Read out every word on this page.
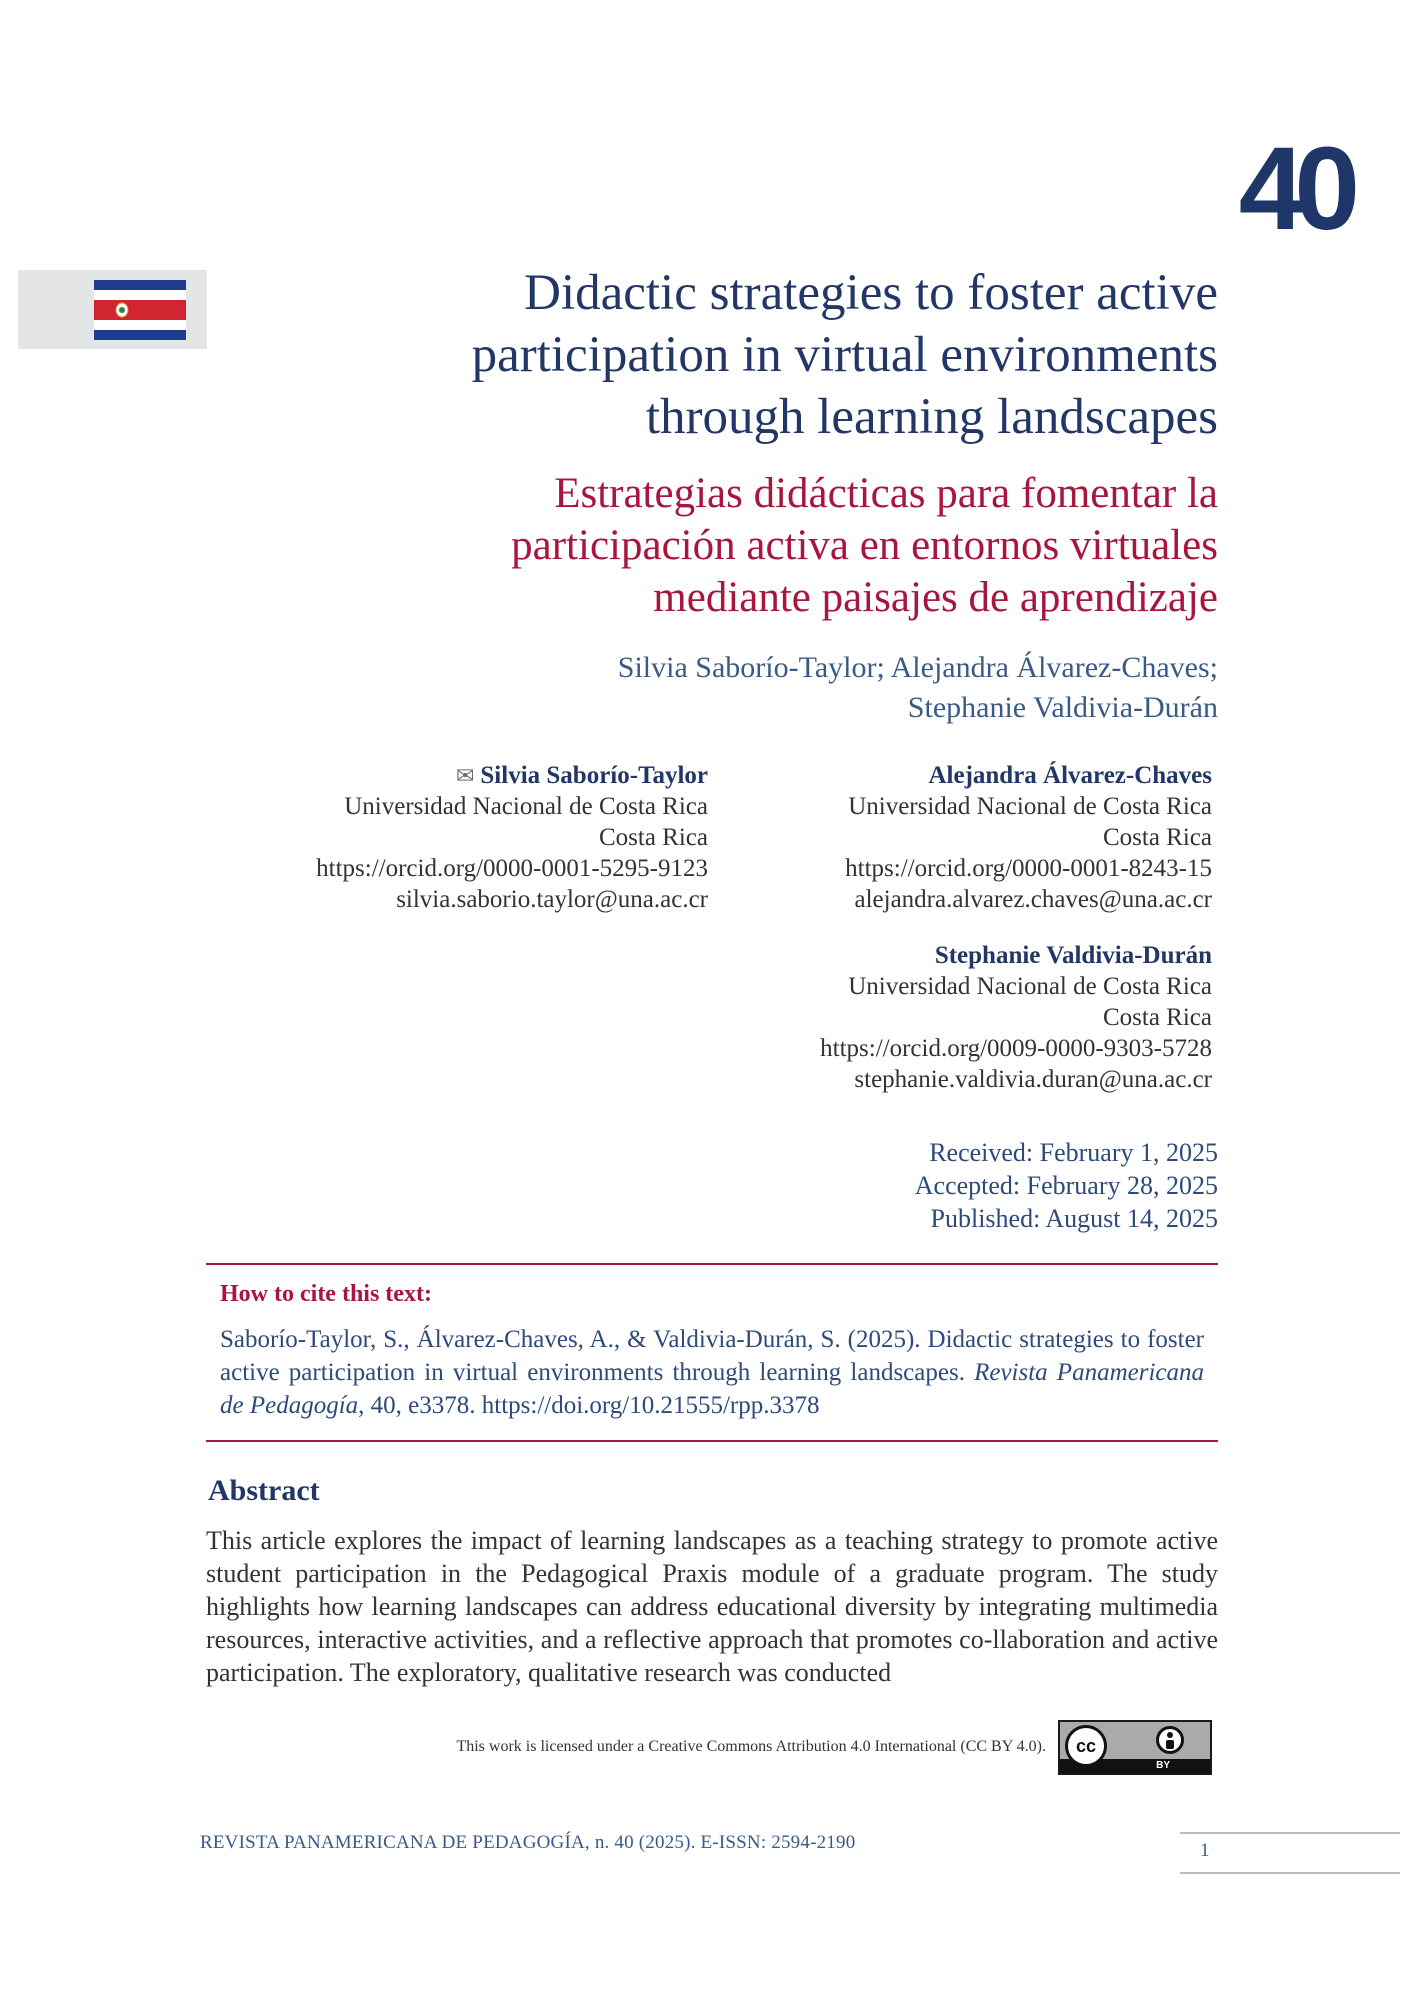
40
Didactic strategies to foster active
participation in virtual environments
through learning landscapes
Estrategias didácticas para fomentar la
participación activa en entornos virtuales
mediante paisajes de aprendizaje

Silvia Saborío-Taylor; Alejandra Álvarez-Chaves;
Stephanie Valdivia-Durán

✉ Silvia Saborío-Taylor
Universidad Nacional de Costa Rica
Costa Rica
https://orcid.org/0000-0001-5295-9123
silvia.saborio.taylor@una.ac.cr
Alejandra Álvarez-Chaves
Universidad Nacional de Costa Rica
Costa Rica
https://orcid.org/0000-0001-8243-15
alejandra.alvarez.chaves@una.ac.cr
Stephanie Valdivia-Durán
Universidad Nacional de Costa Rica
Costa Rica
https://orcid.org/0009-0000-9303-5728
stephanie.valdivia.duran@una.ac.cr
Received: February 1, 2025
Accepted: February 28, 2025
Published: August 14, 2025

How to cite this text:

Saborío-Taylor, S., Álvarez-Chaves, A., & Valdivia-Durán, S. (2025). Didactic strategies to foster active participation in virtual environments through learning landscapes. Revista Panamericana de Pedagogía, 40, e3378. https://doi.org/10.21555/rpp.3378

Abstract

This article explores the impact of learning landscapes as a teaching strategy to promote active student participation in the Pedagogical Praxis module of a graduate program. The study highlights how learning landscapes can address educational diversity by integrating multimedia resources, interactive activities, and a reflective approach that promotes co-llaboration and active participation. The exploratory, qualitative research was conducted

This work is licensed under a Creative Commons Attribution 4.0 International (CC BY 4.0). cc
BY
REVISTA PANAMERICANA DE PEDAGOGÍA, n. 40 (2025). E-ISSN: 2594-2190	1
